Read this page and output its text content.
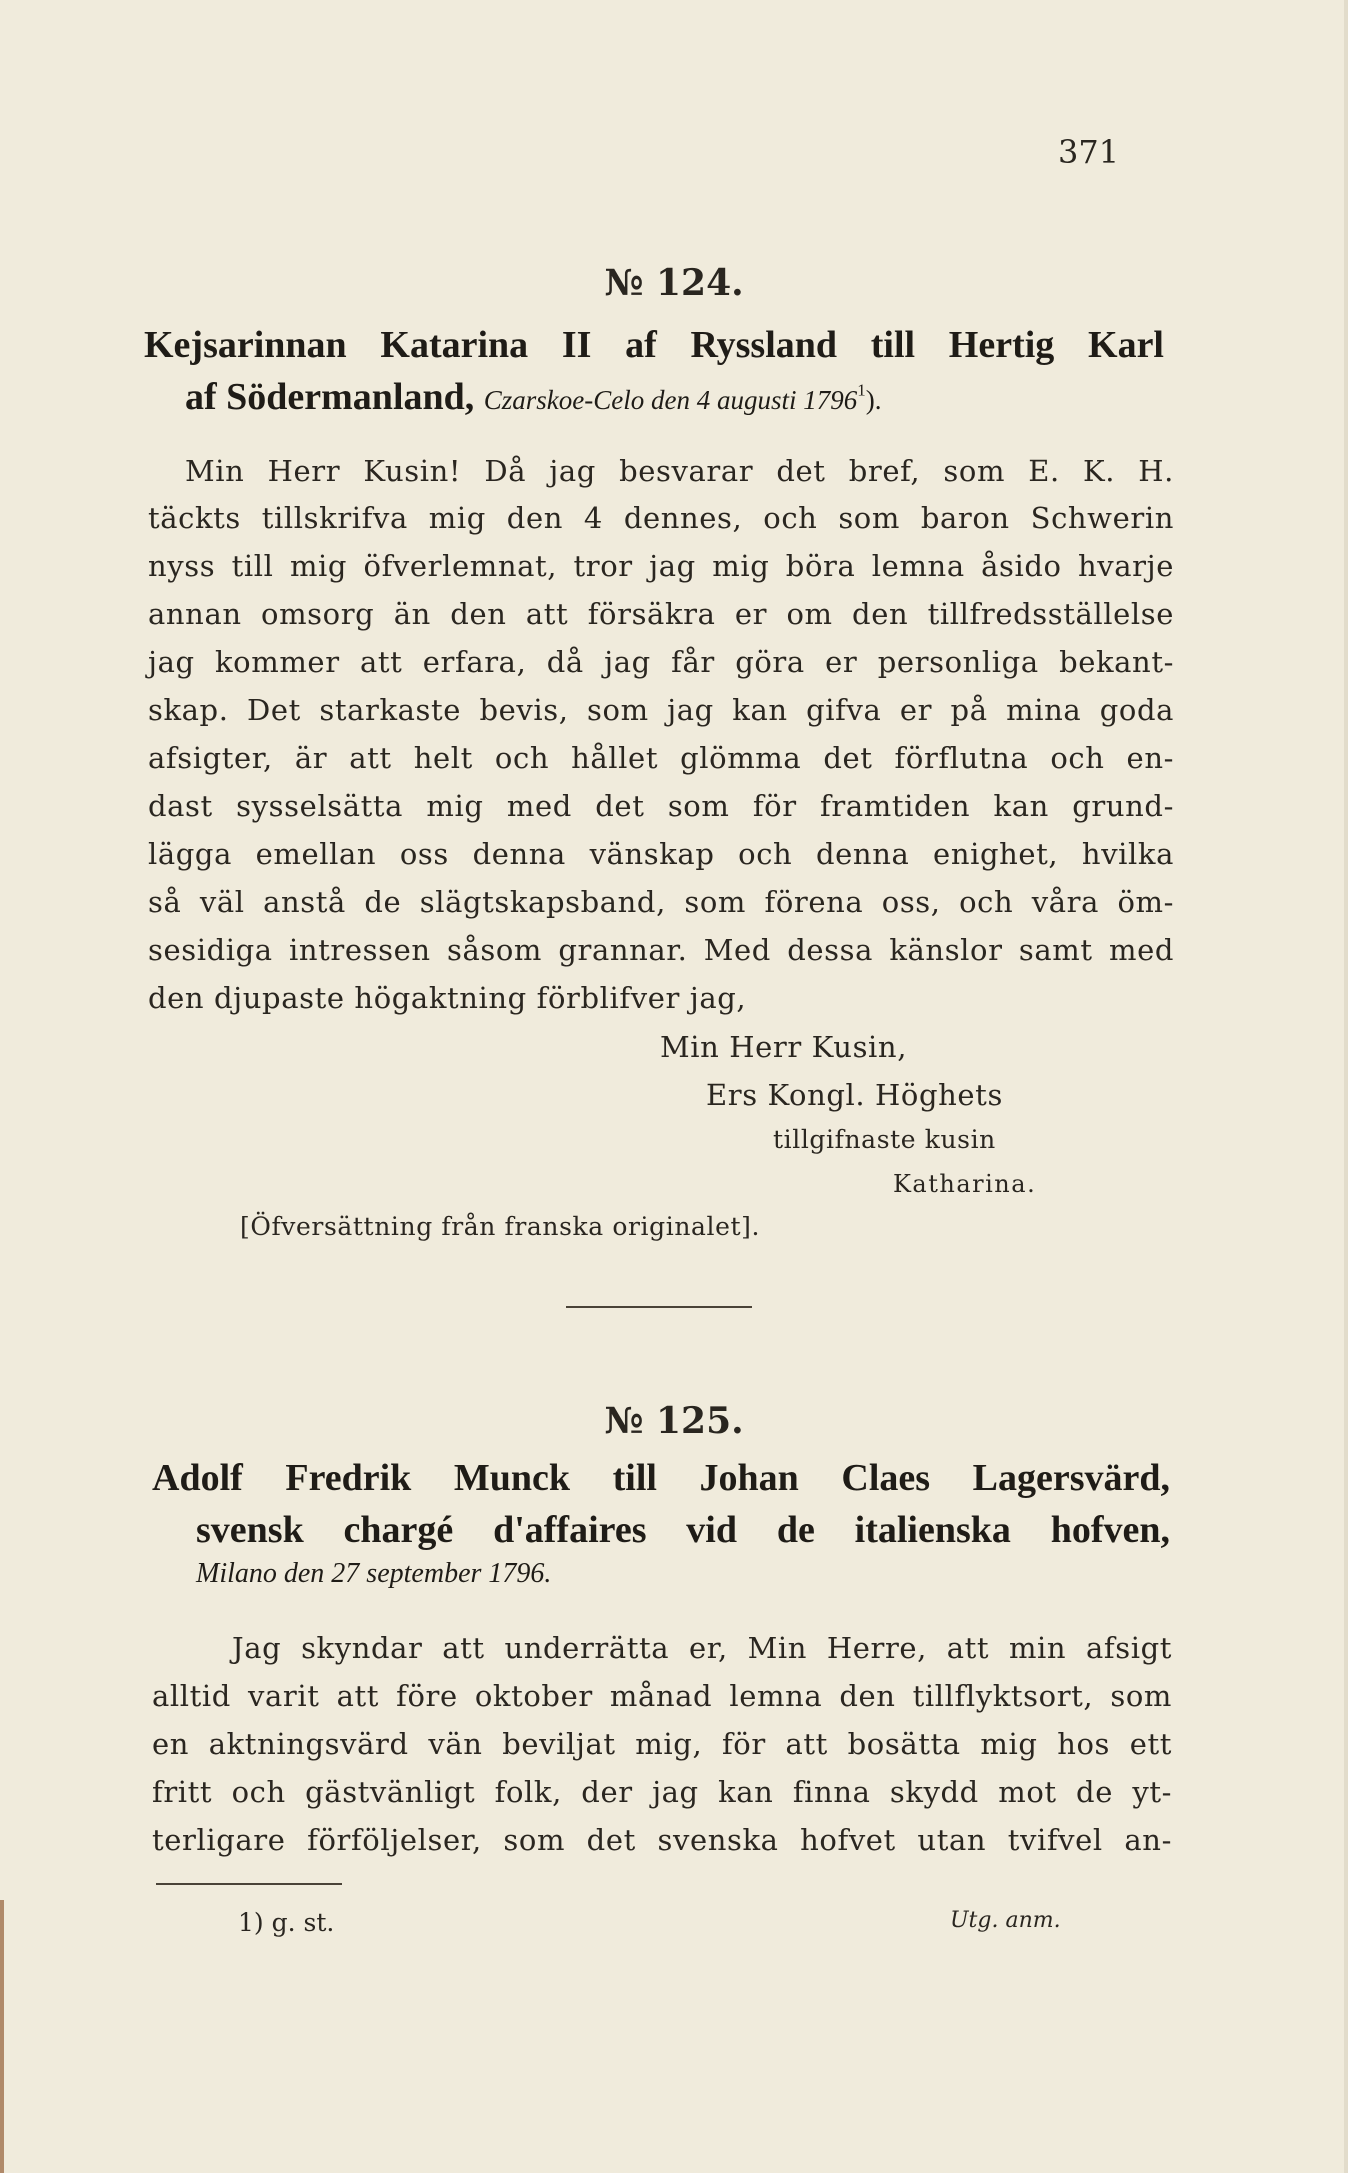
371
№ 124.
Kejsarinnan Katarina II af Ryssland till Hertig Karl
af Södermanland, Czarskoe-Celo den 4 augusti 1796$^1$).
Min Herr Kusin! Då jag besvarar det bref, som E. K. H.
täckts tillskrifva mig den 4 dennes, och som baron Schwerin
nyss till mig öfverlemnat, tror jag mig böra lemna åsido hvarje
annan omsorg än den att försäkra er om den tillfredsställelse
jag kommer att erfara, då jag får göra er personliga bekant-
skap. Det starkaste bevis, som jag kan gifva er på mina goda
afsigter, är att helt och hållet glömma det förflutna och en-
dast sysselsätta mig med det som för framtiden kan grund-
lägga emellan oss denna vänskap och denna enighet, hvilka
så väl anstå de slägtskapsband, som förena oss, och våra öm-
sesidiga intressen såsom grannar. Med dessa känslor samt med
den djupaste högaktning förblifver jag,
Min Herr Kusin,
Ers Kongl. Höghets
tillgifnaste kusin
Katharina.
[Öfversättning från franska originalet].
№ 125.
Adolf Fredrik Munck till Johan Claes Lagersvärd,
svensk chargé d'affaires vid de italienska hofven,
Milano den 27 september 1796.
Jag skyndar att underrätta er, Min Herre, att min afsigt
alltid varit att före oktober månad lemna den tillflyktsort, som
en aktningsvärd vän beviljat mig, för att bosätta mig hos ett
fritt och gästvänligt folk, der jag kan finna skydd mot de yt-
terligare förföljelser, som det svenska hofvet utan tvifvel an-
1) g. st.	Utg. anm.
